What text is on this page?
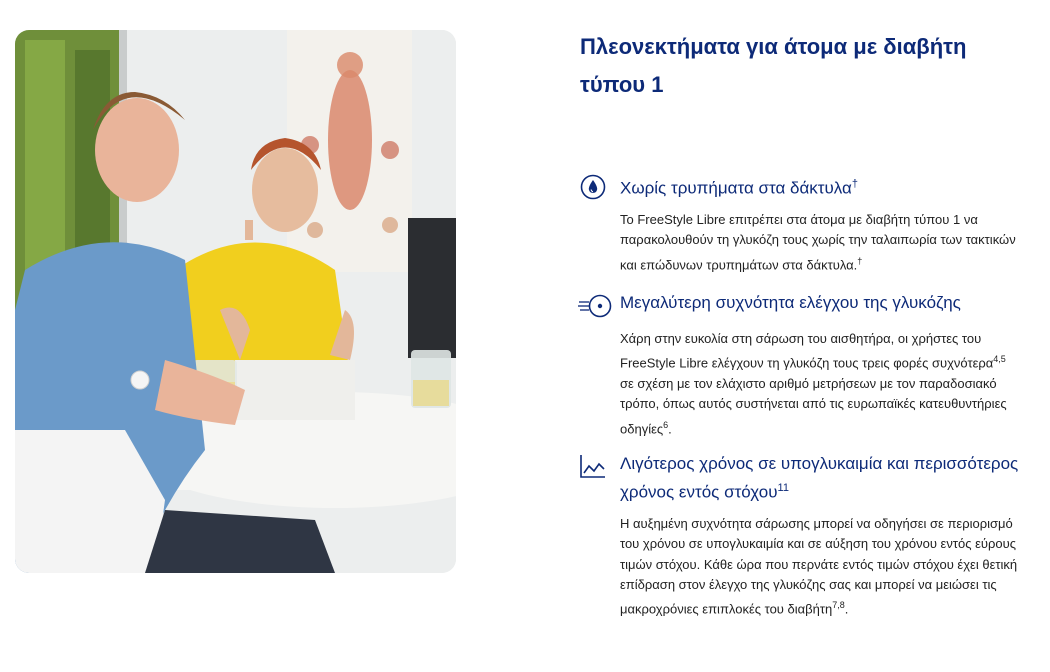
Πλεονεκτήματα για άτομα με διαβήτη τύπου 1
Χωρίς τρυπήματα στα δάκτυλα†

Το FreeStyle Libre επιτρέπει στα άτομα με διαβήτη τύπου 1 να παρακολουθούν τη γλυκόζη τους χωρίς την ταλαιπωρία των τακτικών και επώδυνων τρυπημάτων στα δάκτυλα.†

Μεγαλύτερη συχνότητα ελέγχου της γλυκόζης

Χάρη στην ευκολία στη σάρωση του αισθητήρα, οι χρήστες του FreeStyle Libre ελέγχουν τη γλυκόζη τους τρεις φορές συχνότερα$^{4,5}$ σε σχέση με τον ελάχιστο αριθμό μετρήσεων με τον παραδοσιακό τρόπο, όπως αυτός συστήνεται από τις ευρωπαϊκές κατευθυντήριες οδηγίες$^6$.

Λιγότερος χρόνος σε υπογλυκαιμία και περισσότερος χρόνος εντός στόχου$^{11}$

Η αυξημένη συχνότητα σάρωσης μπορεί να οδηγήσει σε περιορισμό του χρόνου σε υπογλυκαιμία και σε αύξηση του χρόνου εντός εύρους τιμών στόχου. Κάθε ώρα που περνάτε εντός τιμών στόχου έχει θετική επίδραση στον έλεγχο της γλυκόζης σας και μπορεί να μειώσει τις μακροχρόνιες επιπλοκές του διαβήτη$^{7,8}$.
